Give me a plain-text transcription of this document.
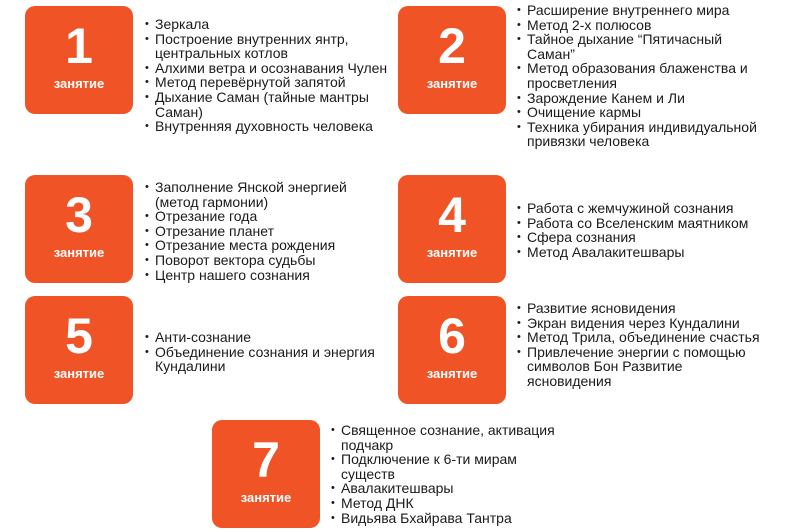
1
занятие
• Зеркала
• Построение внутренних янтр, центральных котлов
• Алхими ветра и осознавания Чулен
• Метод перевёрнутой запятой
• Дыхание Саман (тайные мантры Саман)
• Внутренняя духовность человека
2
занятие
• Расширение внутреннего мира
• Метод 2-х полюсов
• Тайное дыхание “Пятичасный Саман”
• Метод образования блаженства и просветления
• Зарождение Канем и Ли
• Очищение кармы
• Техника убирания индивидуальной привязки человека
3
занятие
• Заполнение Янской энергией (метод гармонии)
• Отрезание года
• Отрезание планет
• Отрезание места рождения
• Поворот вектора судьбы
• Центр нашего сознания
4
занятие
• Работа с жемчужиной сознания
• Работа со Вселенским маятником
• Сфера сознания
• Метод Авалакитешвары
5
занятие
• Анти-сознание
• Объединение сознания и энергия Кундалини
6
занятие
• Развитие ясновидения
• Экран видения через Кундалини
• Метод Трила, объединение счастья
• Привлечение энергии с помощью символов Бон Развитие ясновидения
7
занятие
• Священное сознание, активация подчакр
• Подключение к 6-ти мирам существ
• Авалакитешвары
• Метод ДНК
• Видьява Бхайрава Тантра
